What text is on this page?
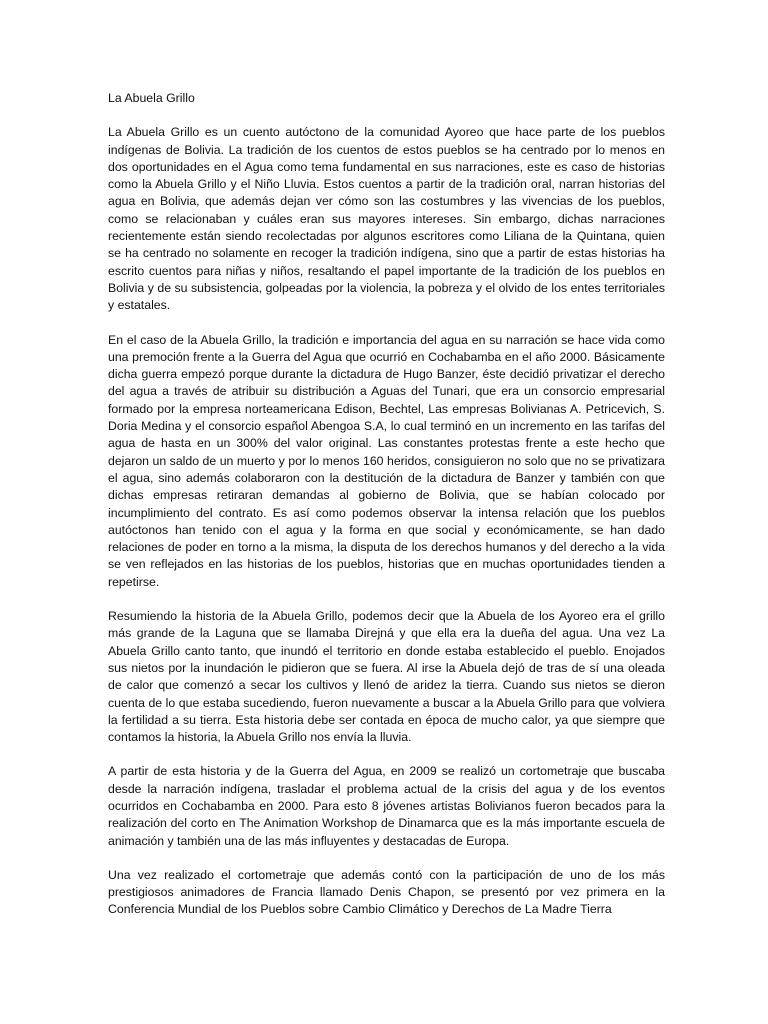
La Abuela Grillo

La Abuela Grillo es un cuento autóctono de la comunidad Ayoreo que hace parte de los pueblos indígenas de Bolivia. La tradición de los cuentos de estos pueblos se ha centrado por lo menos en dos oportunidades en el Agua como tema fundamental en sus narraciones, este es caso de historias como la Abuela Grillo y el Niño Lluvia. Estos cuentos a partir de la tradición oral, narran historias del agua en Bolivia, que además dejan ver cómo son las costumbres y las vivencias de los pueblos, como se relacionaban y cuáles eran sus mayores intereses. Sin embargo, dichas narraciones recientemente están siendo recolectadas por algunos escritores como Liliana de la Quintana, quien se ha centrado no solamente en recoger la tradición indígena, sino que a partir de estas historias ha escrito cuentos para niñas y niños, resaltando el papel importante de la tradición de los pueblos en Bolivia y de su subsistencia, golpeadas por la violencia, la pobreza y el olvido de los entes territoriales y estatales.

En el caso de la Abuela Grillo, la tradición e importancia del agua en su narración se hace vida como una premoción frente a la Guerra del Agua que ocurrió en Cochabamba en el año 2000. Básicamente dicha guerra empezó porque durante la dictadura de Hugo Banzer, éste decidió privatizar el derecho del agua a través de atribuir su distribución a Aguas del Tunari, que era un consorcio empresarial formado por la empresa norteamericana Edison, Bechtel, Las empresas Bolivianas A. Petricevich, S. Doria Medina y el consorcio español Abengoa S.A, lo cual terminó en un incremento en las tarifas del agua de hasta en un 300% del valor original. Las constantes protestas frente a este hecho que dejaron un saldo de un muerto y por lo menos 160 heridos, consiguieron no solo que no se privatizara el agua, sino además colaboraron con la destitución de la dictadura de Banzer y también con que dichas empresas retiraran demandas al gobierno de Bolivia, que se habían colocado por incumplimiento del contrato. Es así como podemos observar la intensa relación que los pueblos autóctonos han tenido con el agua y la forma en que social y económicamente, se han dado relaciones de poder en torno a la misma, la disputa de los derechos humanos y del derecho a la vida se ven reflejados en las historias de los pueblos, historias que en muchas oportunidades tienden a repetirse.

Resumiendo la historia de la Abuela Grillo, podemos decir que la Abuela de los Ayoreo era el grillo más grande de la Laguna que se llamaba Direjná y que ella era la dueña del agua. Una vez La Abuela Grillo canto tanto, que inundó el territorio en donde estaba establecido el pueblo. Enojados sus nietos por la inundación le pidieron que se fuera. Al irse la Abuela dejó de tras de sí una oleada de calor que comenzó a secar los cultivos y llenó de aridez la tierra. Cuando sus nietos se dieron cuenta de lo que estaba sucediendo, fueron nuevamente a buscar a la Abuela Grillo para que volviera la fertilidad a su tierra. Esta historia debe ser contada en época de mucho calor, ya que siempre que contamos la historia, la Abuela Grillo nos envía la lluvia.

A partir de esta historia y de la Guerra del Agua, en 2009 se realizó un cortometraje que buscaba desde la narración indígena, trasladar el problema actual de la crisis del agua y de los eventos ocurridos en Cochabamba en 2000. Para esto 8 jóvenes artistas Bolivianos fueron becados para la realización del corto en The Animation Workshop de Dinamarca que es la más importante escuela de animación y también una de las más influyentes y destacadas de Europa.

Una vez realizado el cortometraje que además contó con la participación de uno de los más prestigiosos animadores de Francia llamado Denis Chapon, se presentó por vez primera en la Conferencia Mundial de los Pueblos sobre Cambio Climático y Derechos de La Madre Tierra
